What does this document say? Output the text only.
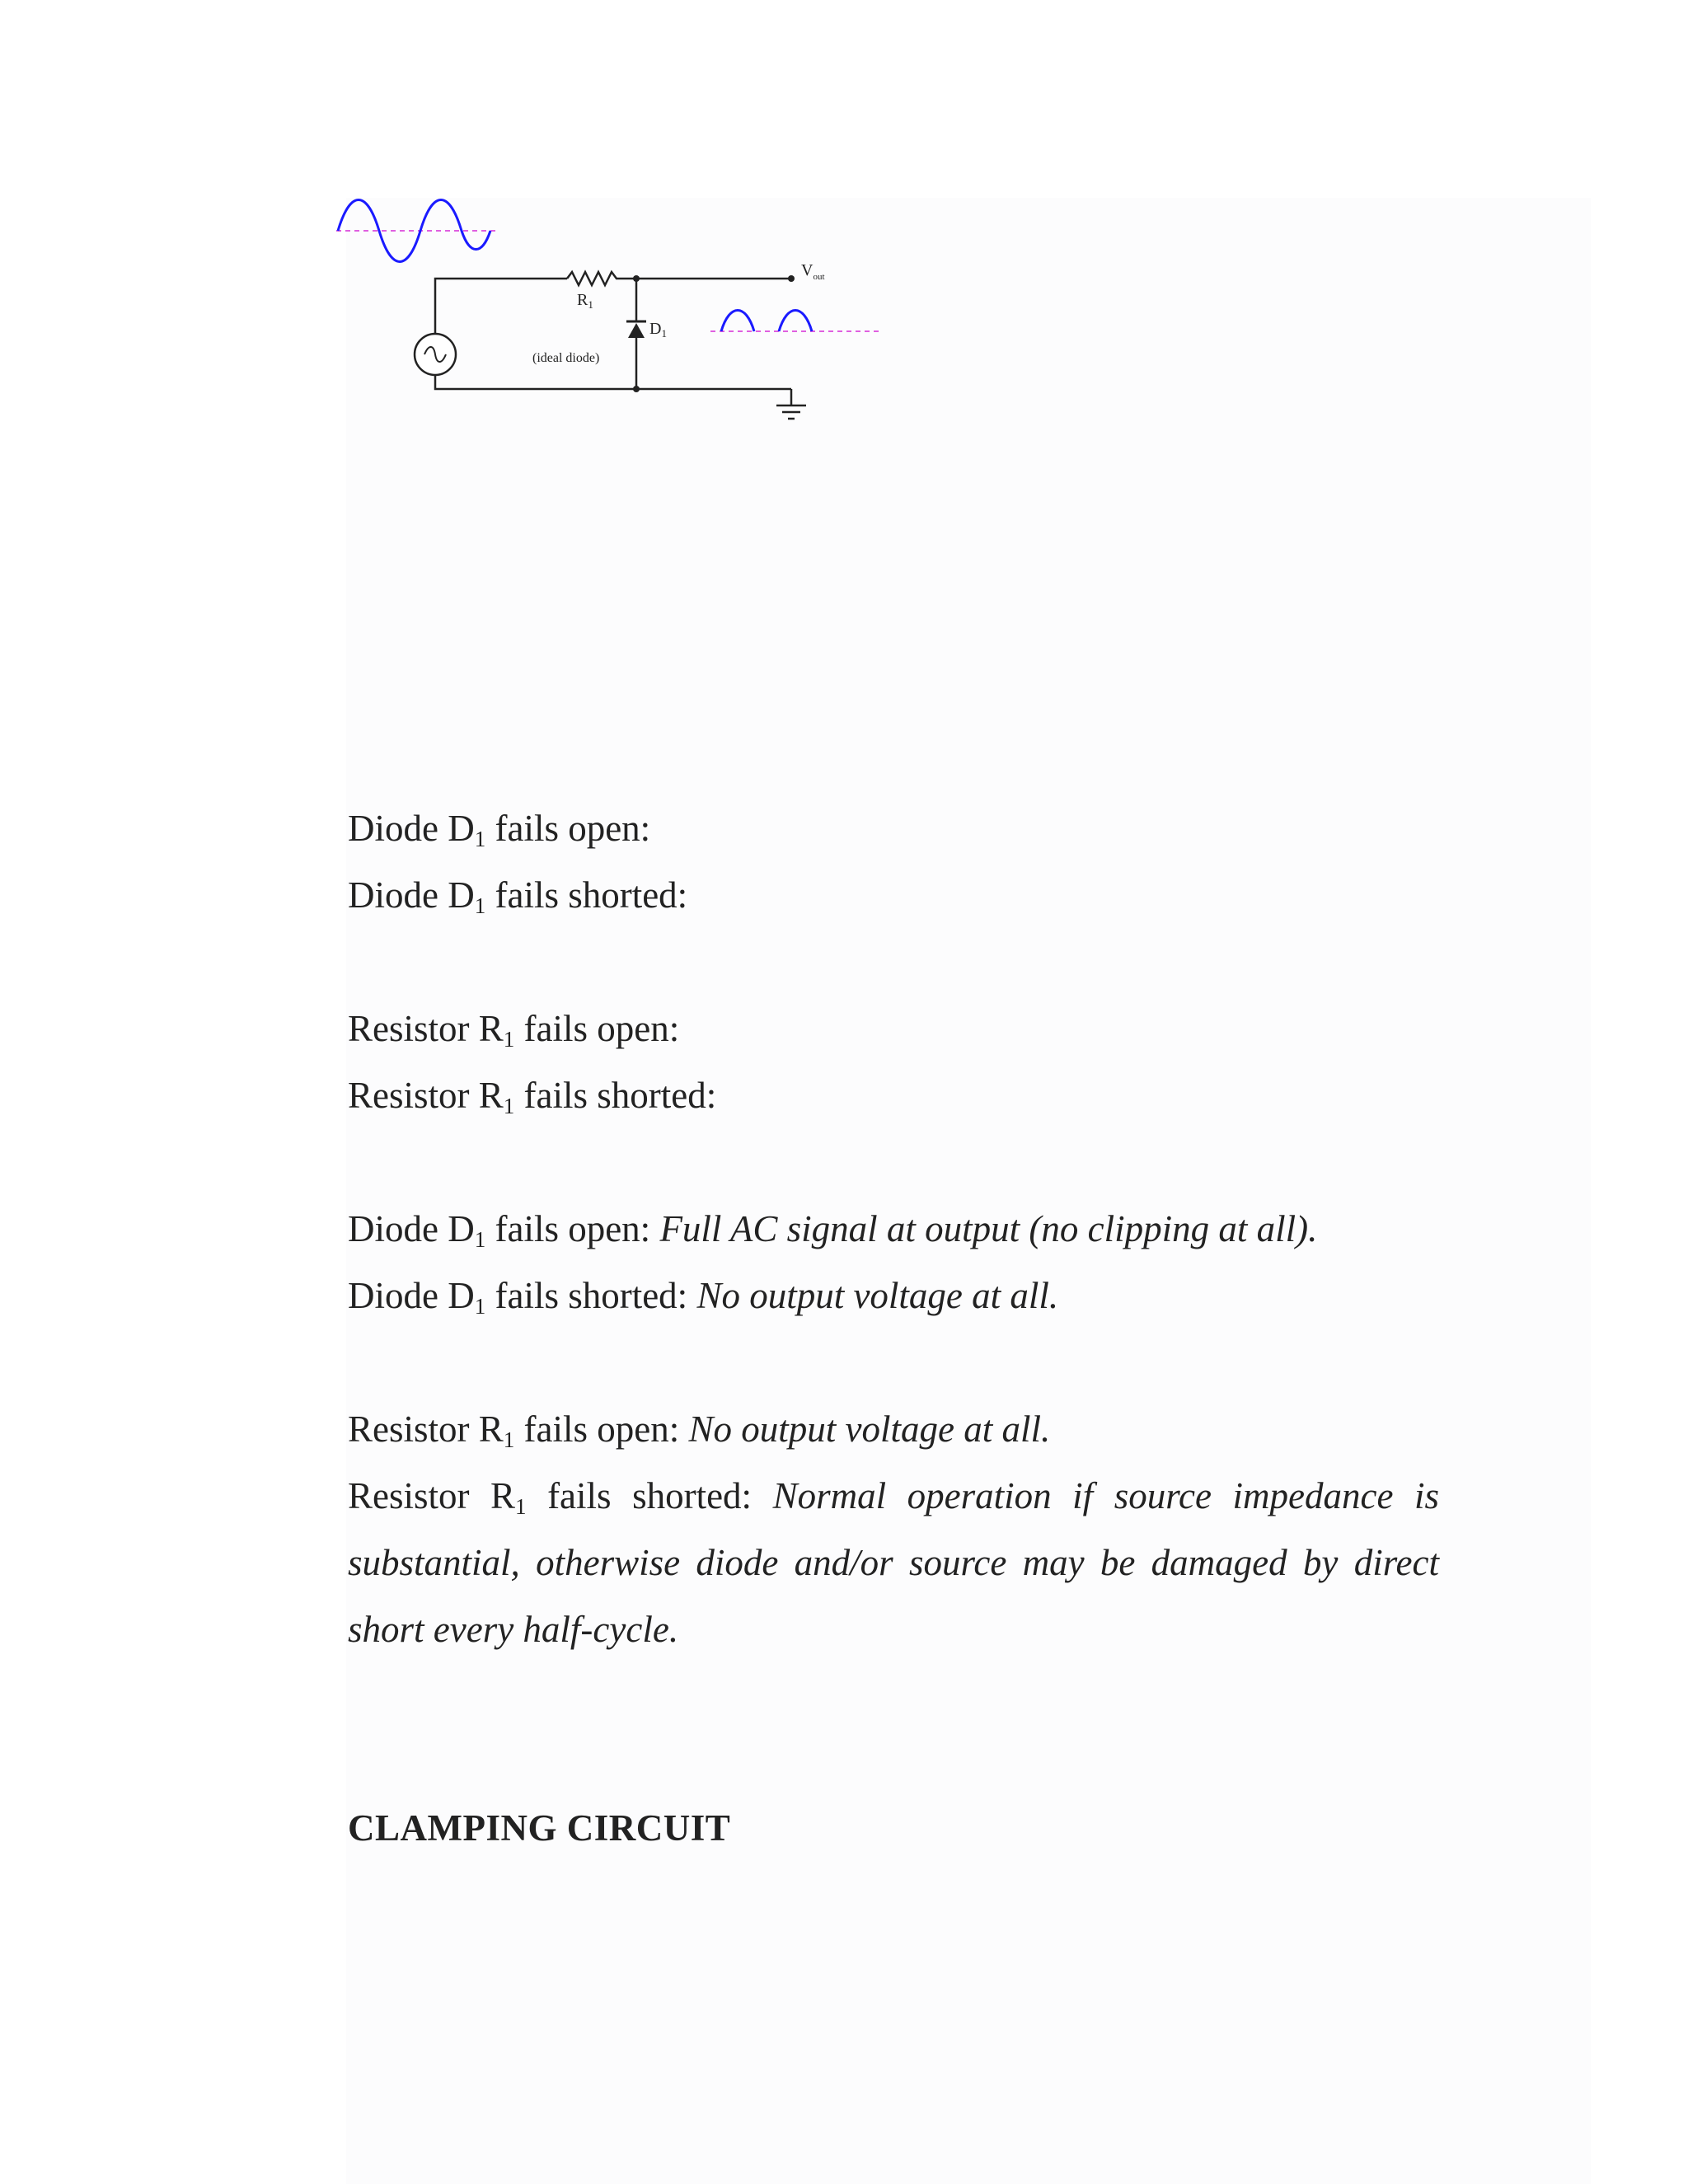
$R_1$
$D_1$
(ideal diode)
$V_{out}$
Diode $D_1$ fails open:
Diode $D_1$ fails shorted:
Resistor $R_1$ fails open:
Resistor $R_1$ fails shorted:
Diode $D_1$ fails open: Full AC signal at output (no clipping at all).
Diode $D_1$ fails shorted: No output voltage at all.
Resistor $R_1$ fails open: No output voltage at all.
Resistor $R_1$ fails shorted: Normal operation if source impedance is
substantial, otherwise diode and/or source may be damaged by direct
short every half-cycle.
CLAMPING CIRCUIT
